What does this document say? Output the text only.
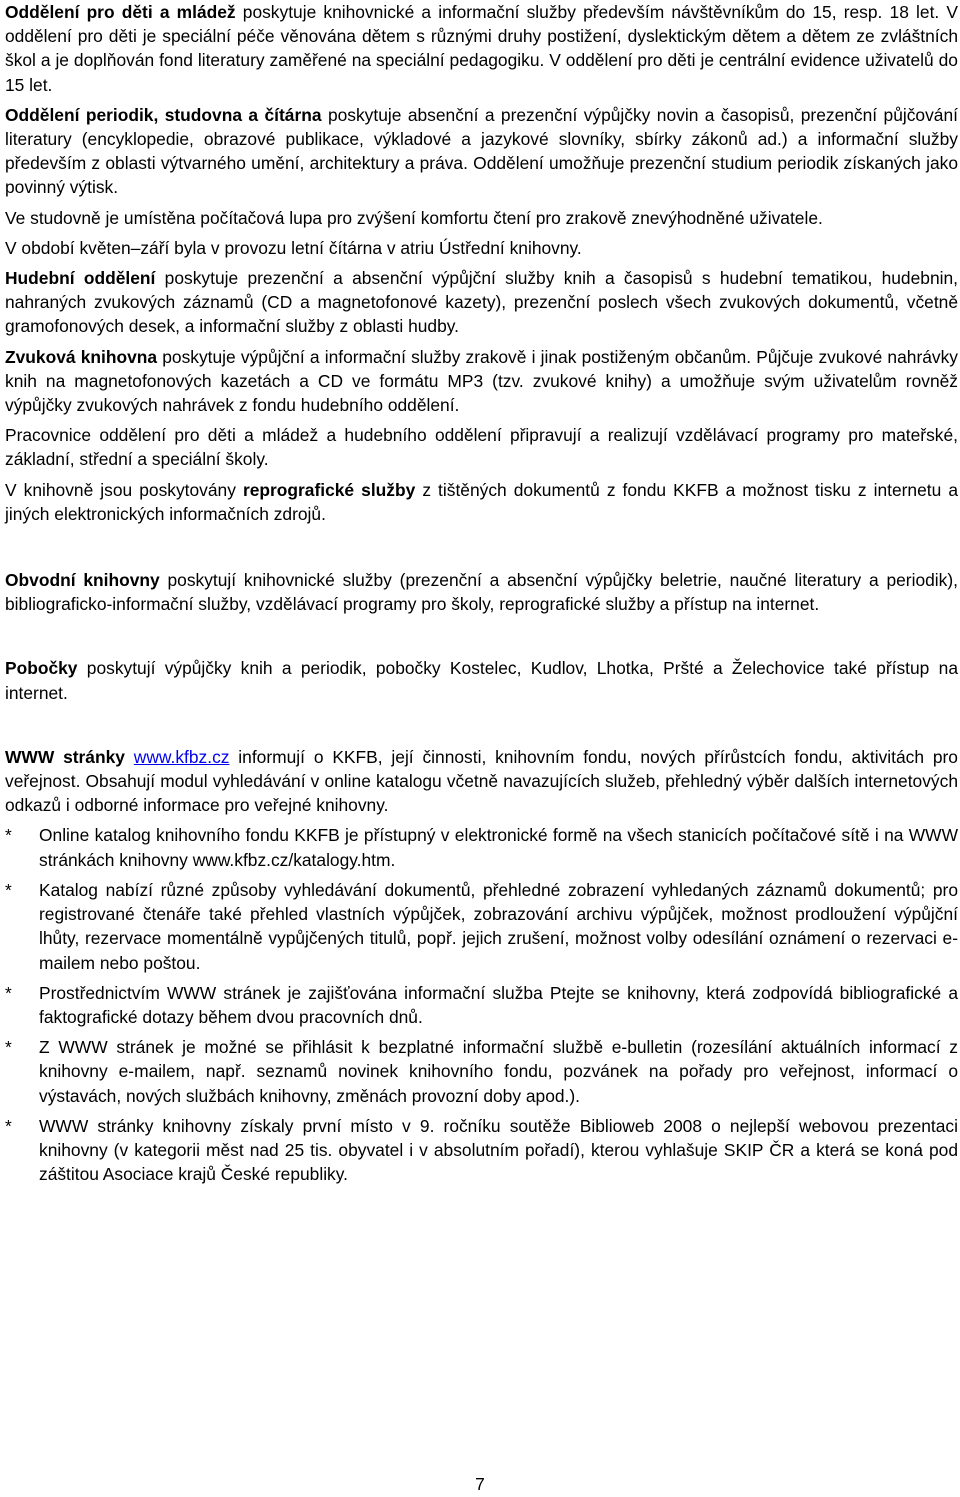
Oddělení pro děti a mládež poskytuje knihovnické a informační služby především návštěvníkům do 15, resp. 18 let. V oddělení pro děti je speciální péče věnována dětem s různými druhy postižení, dyslektickým dětem a dětem ze zvláštních škol a je doplňován fond literatury zaměřené na speciální pedagogiku. V oddělení pro děti je centrální evidence uživatelů do 15 let.

Oddělení periodik, studovna a čítárna poskytuje absenční a prezenční výpůjčky novin a časopisů, prezenční půjčování literatury (encyklopedie, obrazové publikace, výkladové a jazykové slovníky, sbírky zákonů ad.) a informační služby především z oblasti výtvarného umění, architektury a práva. Oddělení umožňuje prezenční studium periodik získaných jako povinný výtisk.

Ve studovně je umístěna počítačová lupa pro zvýšení komfortu čtení pro zrakově znevýhodněné uživatele.

V období květen–září byla v provozu letní čítárna v atriu Ústřední knihovny.

Hudební oddělení poskytuje prezenční a absenční výpůjční služby knih a časopisů s hudební tematikou, hudebnin, nahraných zvukových záznamů (CD a magnetofonové kazety), prezenční poslech všech zvukových dokumentů, včetně gramofonových desek, a informační služby z oblasti hudby.

Zvuková knihovna poskytuje výpůjční a informační služby zrakově i jinak postiženým občanům. Půjčuje zvukové nahrávky knih na magnetofonových kazetách a CD ve formátu MP3 (tzv. zvukové knihy) a umožňuje svým uživatelům rovněž výpůjčky zvukových nahrávek z fondu hudebního oddělení.

Pracovnice oddělení pro děti a mládež a hudebního oddělení připravují a realizují vzdělávací programy pro mateřské, základní, střední a speciální školy.

V knihovně jsou poskytovány reprografické služby z tištěných dokumentů z fondu KKFB a možnost tisku z internetu a jiných elektronických informačních zdrojů.

Obvodní knihovny poskytují knihovnické služby (prezenční a absenční výpůjčky beletrie, naučné literatury a periodik), bibliograficko-informační služby, vzdělávací programy pro školy, reprografické služby a přístup na internet.

Pobočky poskytují výpůjčky knih a periodik, pobočky Kostelec, Kudlov, Lhotka, Pršté a Želechovice také přístup na internet.

WWW stránky www.kfbz.cz informují o KKFB, její činnosti, knihovním fondu, nových přírůstcích fondu, aktivitách pro veřejnost. Obsahují modul vyhledávání v online katalogu včetně navazujících služeb, přehledný výběr dalších internetových odkazů i odborné informace pro veřejné knihovny.

* Online katalog knihovního fondu KKFB je přístupný v elektronické formě na všech stanicích počítačové sítě i na WWW stránkách knihovny www.kfbz.cz/katalogy.htm.
* Katalog nabízí různé způsoby vyhledávání dokumentů, přehledné zobrazení vyhledaných záznamů dokumentů; pro registrované čtenáře také přehled vlastních výpůjček, zobrazování archivu výpůjček, možnost prodloužení výpůjční lhůty, rezervace momentálně vypůjčených titulů, popř. jejich zrušení, možnost volby odesílání oznámení o rezervaci e-mailem nebo poštou.
* Prostřednictvím WWW stránek je zajišťována informační služba Ptejte se knihovny, která zodpovídá bibliografické a faktografické dotazy během dvou pracovních dnů.
* Z WWW stránek je možné se přihlásit k bezplatné informační službě e-bulletin (rozesílání aktuálních informací z knihovny e-mailem, např. seznamů novinek knihovního fondu, pozvánek na pořady pro veřejnost, informací o výstavách, nových službách knihovny, změnách provozní doby apod.).
* WWW stránky knihovny získaly první místo v 9. ročníku soutěže Biblioweb 2008 o nejlepší webovou prezentaci knihovny (v kategorii měst nad 25 tis. obyvatel i v absolutním pořadí), kterou vyhlašuje SKIP ČR a která se koná pod záštitou Asociace krajů České republiky.
7
